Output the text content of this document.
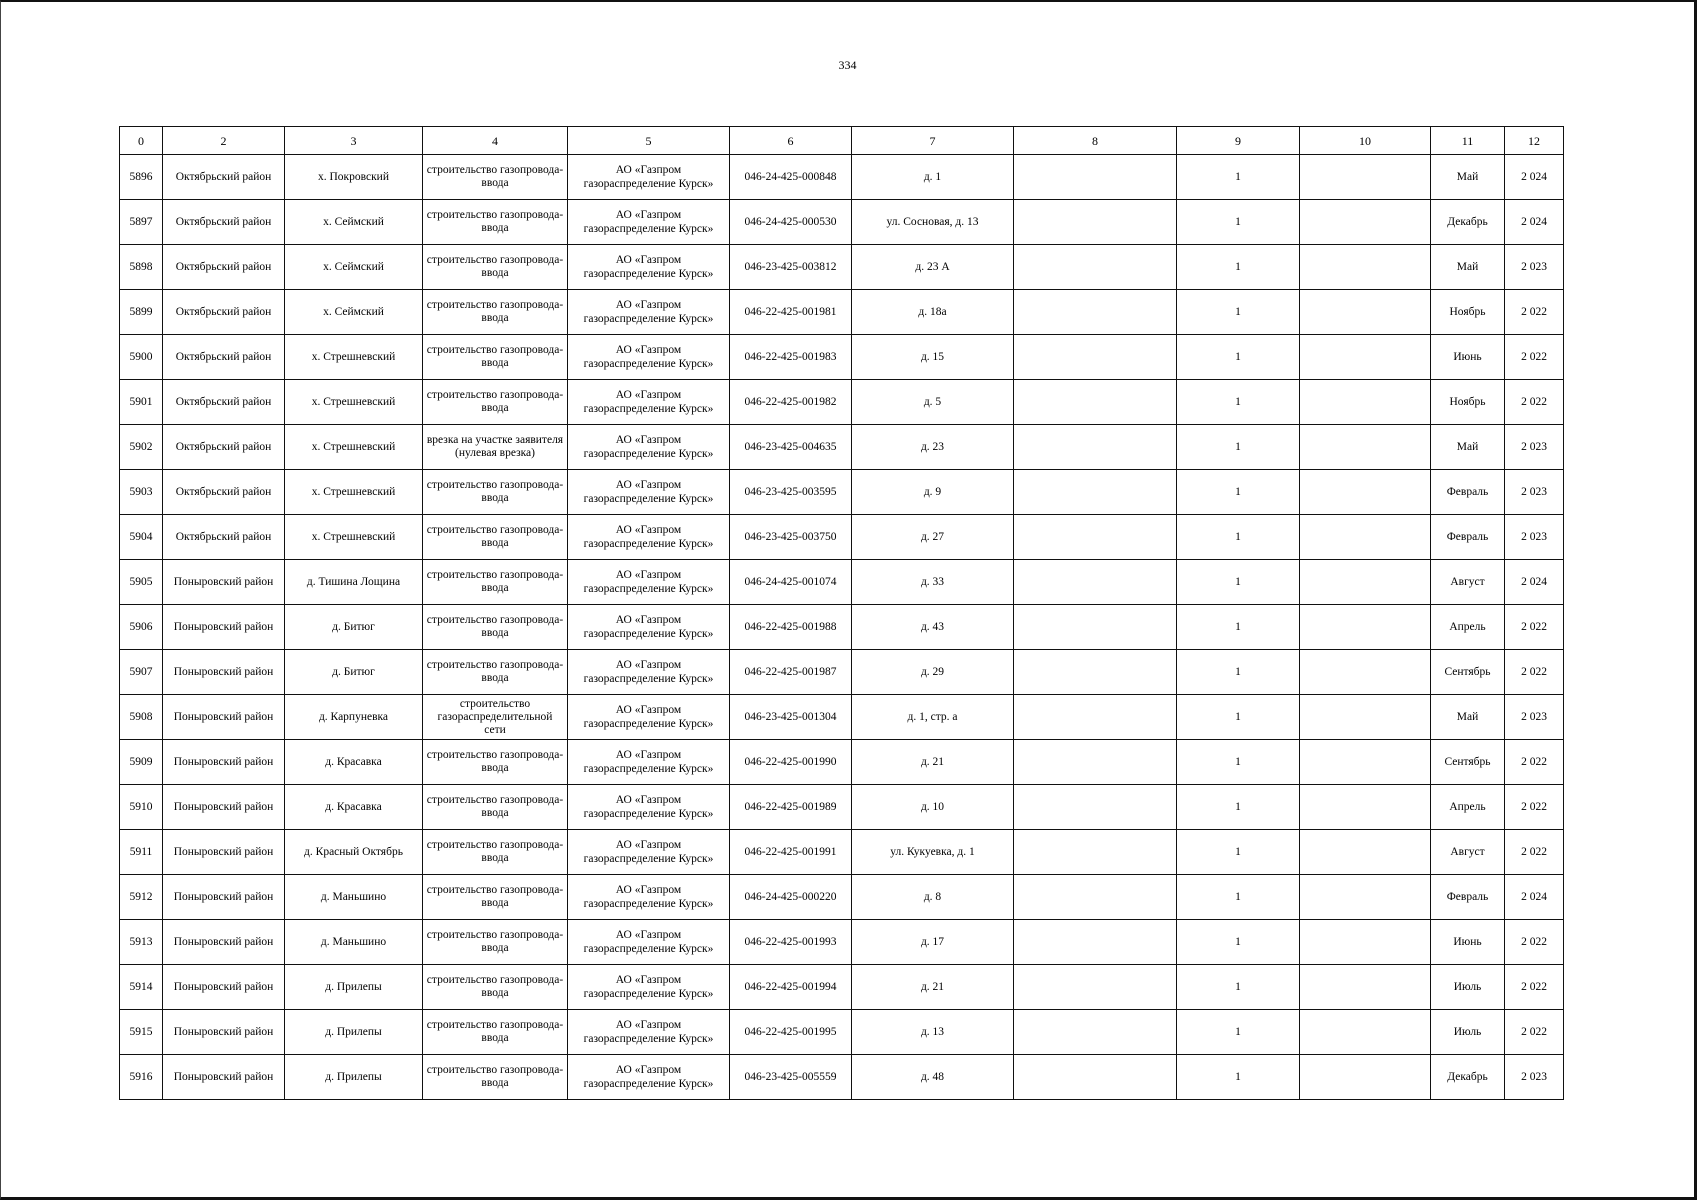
334
0	2	3	4	5	6	7	8	9	10	11	12
5896	Октябрьский район	х. Покровский	строительство газопровода-ввода	АО «Газпром газораспределение Курск»	046-24-425-000848	д. 1		1		Май	2 024
5897	Октябрьский район	х. Сеймский	строительство газопровода-ввода	АО «Газпром газораспределение Курск»	046-24-425-000530	ул. Сосновая, д. 13		1		Декабрь	2 024
5898	Октябрьский район	х. Сеймский	строительство газопровода-ввода	АО «Газпром газораспределение Курск»	046-23-425-003812	д. 23 А		1		Май	2 023
5899	Октябрьский район	х. Сеймский	строительство газопровода-ввода	АО «Газпром газораспределение Курск»	046-22-425-001981	д. 18а		1		Ноябрь	2 022
5900	Октябрьский район	х. Стрешневский	строительство газопровода-ввода	АО «Газпром газораспределение Курск»	046-22-425-001983	д. 15		1		Июнь	2 022
5901	Октябрьский район	х. Стрешневский	строительство газопровода-ввода	АО «Газпром газораспределение Курск»	046-22-425-001982	д. 5		1		Ноябрь	2 022
5902	Октябрьский район	х. Стрешневский	врезка на участке заявителя (нулевая врезка)	АО «Газпром газораспределение Курск»	046-23-425-004635	д. 23		1		Май	2 023
5903	Октябрьский район	х. Стрешневский	строительство газопровода-ввода	АО «Газпром газораспределение Курск»	046-23-425-003595	д. 9		1		Февраль	2 023
5904	Октябрьский район	х. Стрешневский	строительство газопровода-ввода	АО «Газпром газораспределение Курск»	046-23-425-003750	д. 27		1		Февраль	2 023
5905	Поныровский район	д. Тишина Лощина	строительство газопровода-ввода	АО «Газпром газораспределение Курск»	046-24-425-001074	д. 33		1		Август	2 024
5906	Поныровский район	д. Битюг	строительство газопровода-ввода	АО «Газпром газораспределение Курск»	046-22-425-001988	д. 43		1		Апрель	2 022
5907	Поныровский район	д. Битюг	строительство газопровода-ввода	АО «Газпром газораспределение Курск»	046-22-425-001987	д. 29		1		Сентябрь	2 022
5908	Поныровский район	д. Карпуневка	строительство газораспределительной сети	АО «Газпром газораспределение Курск»	046-23-425-001304	д. 1, стр. а		1		Май	2 023
5909	Поныровский район	д. Красавка	строительство газопровода-ввода	АО «Газпром газораспределение Курск»	046-22-425-001990	д. 21		1		Сентябрь	2 022
5910	Поныровский район	д. Красавка	строительство газопровода-ввода	АО «Газпром газораспределение Курск»	046-22-425-001989	д. 10		1		Апрель	2 022
5911	Поныровский район	д. Красный Октябрь	строительство газопровода-ввода	АО «Газпром газораспределение Курск»	046-22-425-001991	ул. Кукуевка, д. 1		1		Август	2 022
5912	Поныровский район	д. Маньшино	строительство газопровода-ввода	АО «Газпром газораспределение Курск»	046-24-425-000220	д. 8		1		Февраль	2 024
5913	Поныровский район	д. Маньшино	строительство газопровода-ввода	АО «Газпром газораспределение Курск»	046-22-425-001993	д. 17		1		Июнь	2 022
5914	Поныровский район	д. Прилепы	строительство газопровода-ввода	АО «Газпром газораспределение Курск»	046-22-425-001994	д. 21		1		Июль	2 022
5915	Поныровский район	д. Прилепы	строительство газопровода-ввода	АО «Газпром газораспределение Курск»	046-22-425-001995	д. 13		1		Июль	2 022
5916	Поныровский район	д. Прилепы	строительство газопровода-ввода	АО «Газпром газораспределение Курск»	046-23-425-005559	д. 48		1		Декабрь	2 023
